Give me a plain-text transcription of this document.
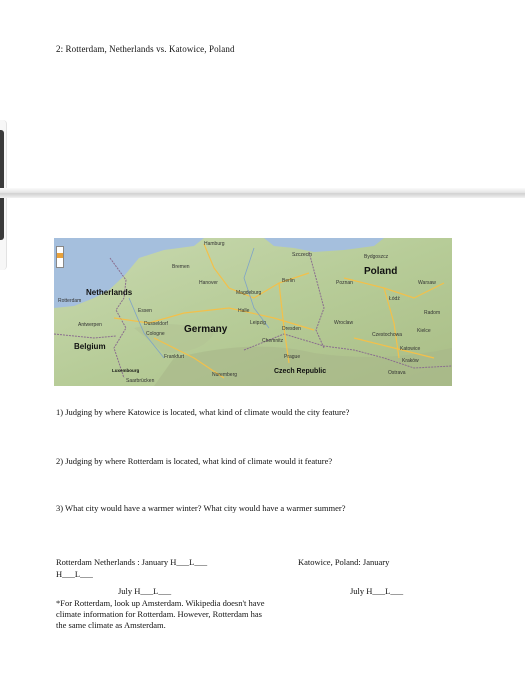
2: Rotterdam, Netherlands vs. Katowice, Poland
Netherlands
Belgium
Germany
Poland
Czech Republic
Luxembourg
Hamburg
Bremen
Hanover	Berlin
Szczecin	Bydgoszcz
Poznan	Warsaw
Łódź
Radom
Wroclaw
Czestochowa
Kielce
Katowice
Kraków
Ostrava
Rotterdam
Antwerpen
Essen
Dusseldorf
Cologne
Frankfurt
Magdeburg
Halle
Leipzig
Dresden
Chemnitz
Prague
Nuremberg
Saarbrücken
1) Judging by where Katowice is located, what kind of climate would the city feature?
2) Judging by where Rotterdam is located, what kind of climate would it feature?
3) What city would have a warmer winter? What city would have a warmer summer?
Rotterdam Netherlands : January H___L___
H___L___
July H___L___
Katowice, Poland: January
July H___L___
*For Rotterdam, look up Amsterdam. Wikipedia doesn't have climate information for Rotterdam. However, Rotterdam has the same climate as Amsterdam.
